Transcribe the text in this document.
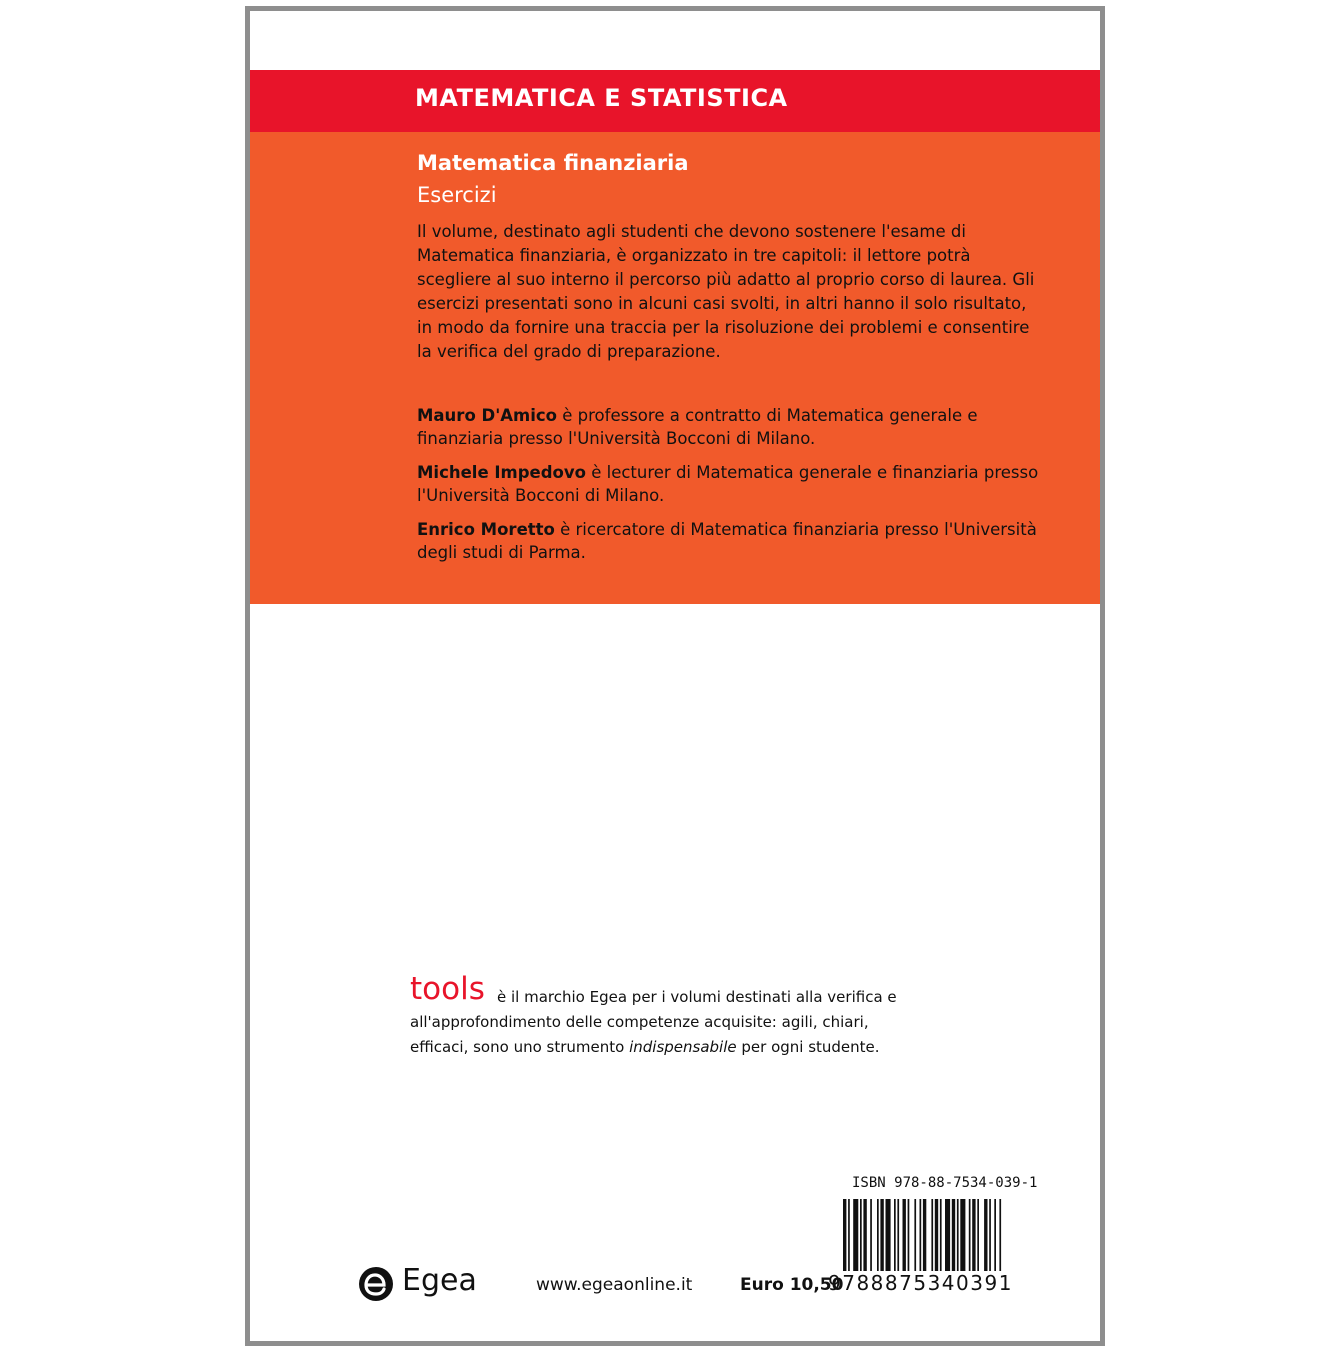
MATEMATICA E STATISTICA
Matematica finanziaria
Esercizi
Il volume, destinato agli studenti che devono sostenere l'esame di
Matematica finanziaria, è organizzato in tre capitoli: il lettore potrà
scegliere al suo interno il percorso più adatto al proprio corso di laurea. Gli
esercizi presentati sono in alcuni casi svolti, in altri hanno il solo risultato,
in modo da fornire una traccia per la risoluzione dei problemi e consentire
la verifica del grado di preparazione.
Mauro D'Amico è professore a contratto di Matematica generale e
finanziaria presso l'Università Bocconi di Milano.
Michele Impedovo è lecturer di Matematica generale e finanziaria presso
l'Università Bocconi di Milano.
Enrico Moretto è ricercatore di Matematica finanziaria presso l'Università
degli studi di Parma.
tools è il marchio Egea per i volumi destinati alla verifica e
all'approfondimento delle competenze acquisite: agili, chiari,
efficaci, sono uno strumento indispensabile per ogni studente.
ISBN 978-88-7534-039-1
9788875340391
Egea	www.egeaonline.it	Euro 10,50
